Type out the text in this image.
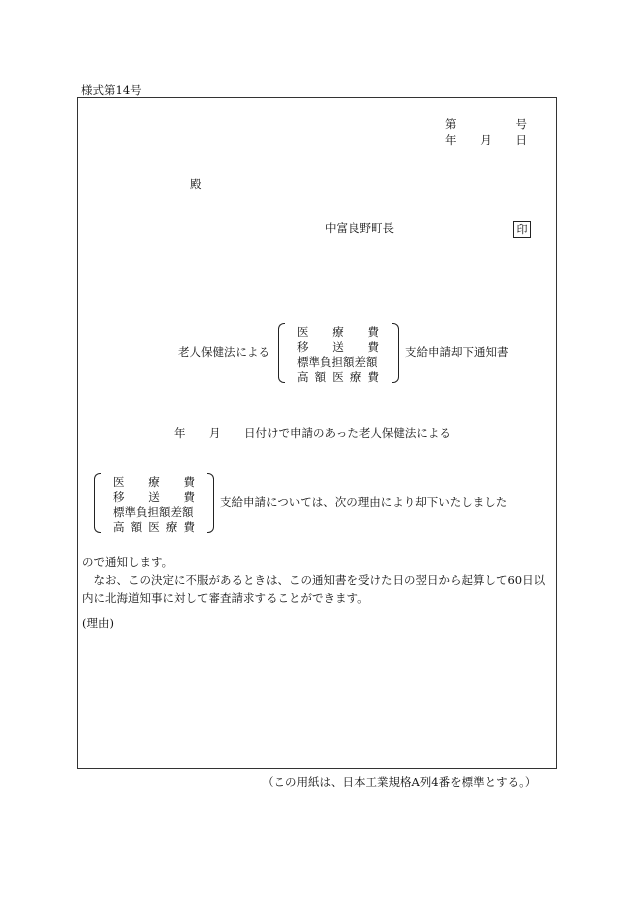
様式第14号
第	号
年 月 日
殿
中富良野町長	印
老人保健法による
医 療 費
移 送 費
標準負担額差額
高 額 医 療 費
支給申請却下通知書
年 月 日付けで申請のあった老人保健法による
医 療 費
移 送 費
標準負担額差額
高 額 医 療 費
支給申請については、次の理由により却下いたしました
ので通知します。
　なお、この決定に不服があるときは、この通知書を受けた日の翌日から起算して60日以内に北海道知事に対して審査請求することができます。
(理由)
（この用紙は、日本工業規格A列4番を標準とする。）
